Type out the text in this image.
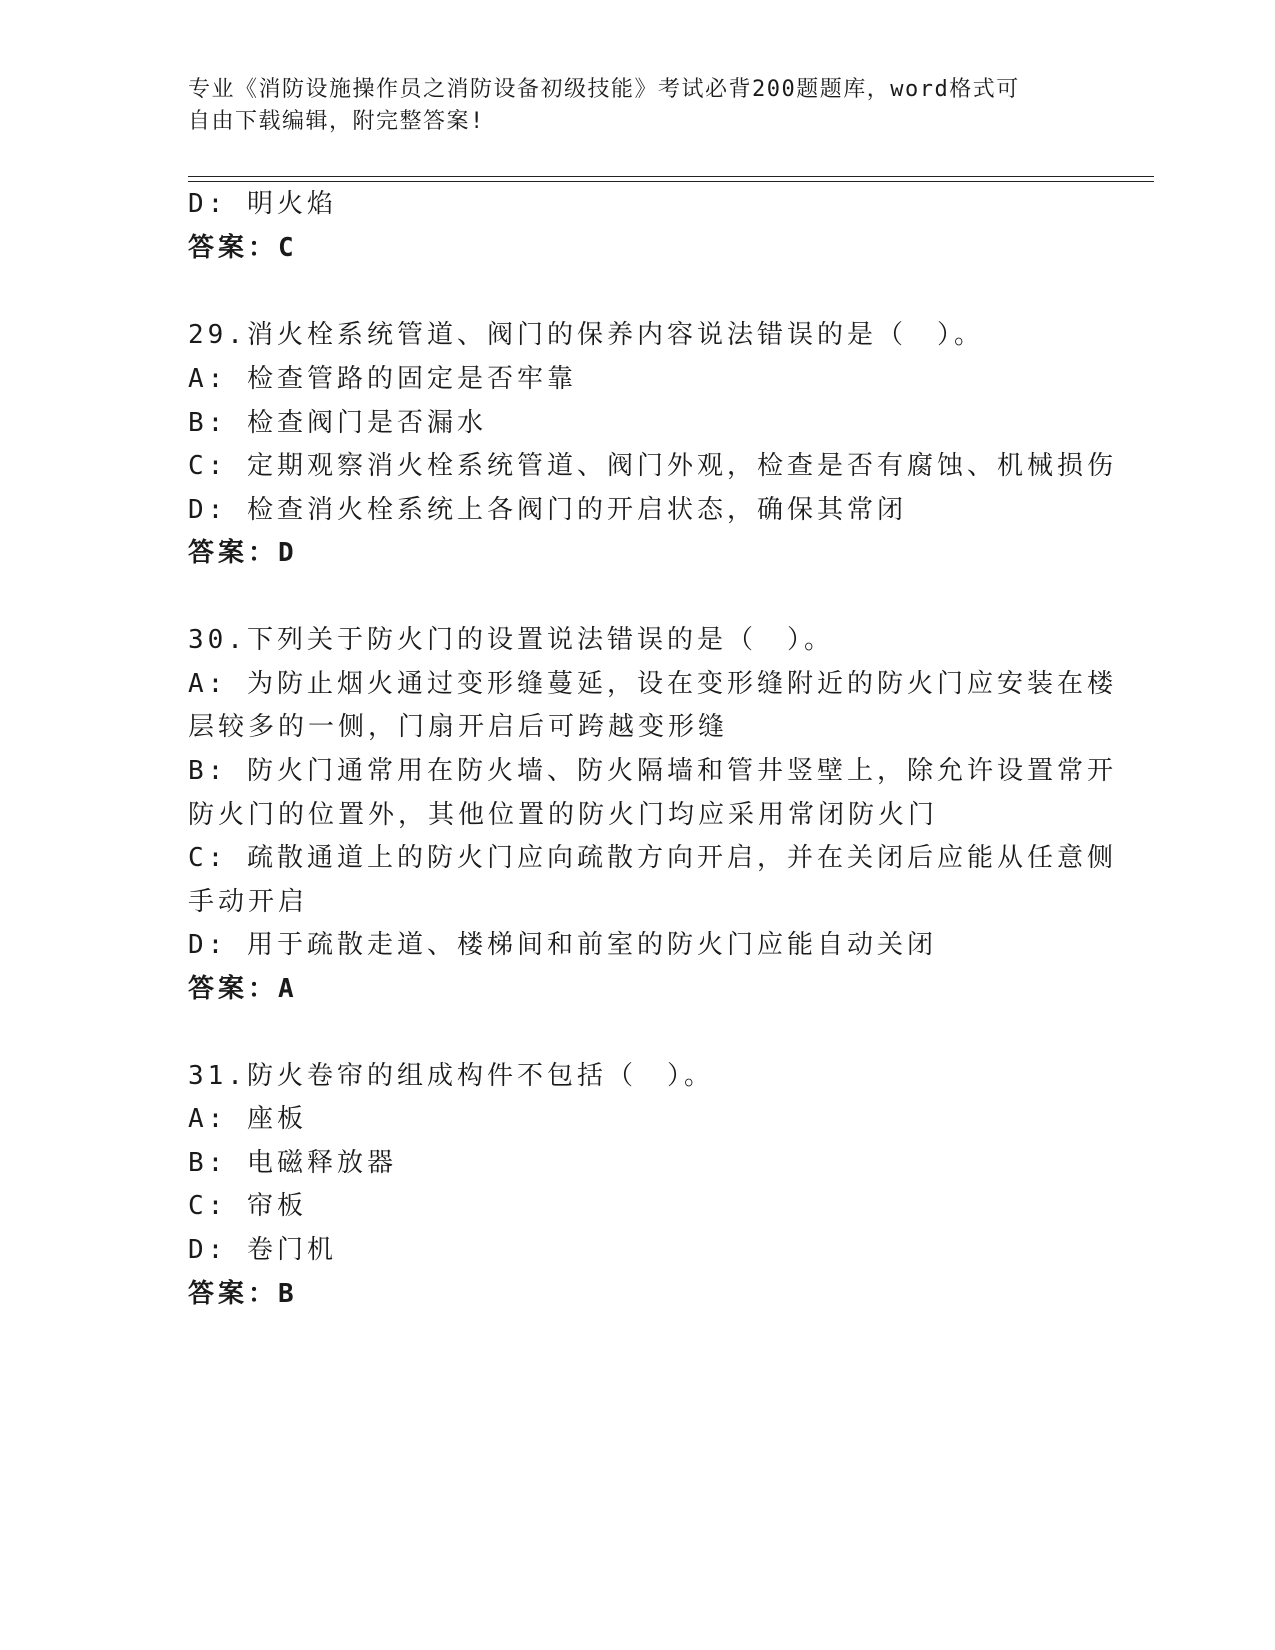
专业《消防设施操作员之消防设备初级技能》考试必背200题题库，word格式可
自由下载编辑，附完整答案!
D: 明火焰
答案：C
29.消火栓系统管道、阀门的保养内容说法错误的是（　）。
A: 检查管路的固定是否牢靠
B: 检查阀门是否漏水
C: 定期观察消火栓系统管道、阀门外观，检查是否有腐蚀、机械损伤
D: 检查消火栓系统上各阀门的开启状态，确保其常闭
答案：D
30.下列关于防火门的设置说法错误的是（　）。
A: 为防止烟火通过变形缝蔓延，设在变形缝附近的防火门应安装在楼
层较多的一侧，门扇开启后可跨越变形缝
B: 防火门通常用在防火墙、防火隔墙和管井竖壁上，除允许设置常开
防火门的位置外，其他位置的防火门均应采用常闭防火门
C: 疏散通道上的防火门应向疏散方向开启，并在关闭后应能从任意侧
手动开启
D: 用于疏散走道、楼梯间和前室的防火门应能自动关闭
答案：A
31.防火卷帘的组成构件不包括（　）。
A: 座板
B: 电磁释放器
C: 帘板
D: 卷门机
答案：B
